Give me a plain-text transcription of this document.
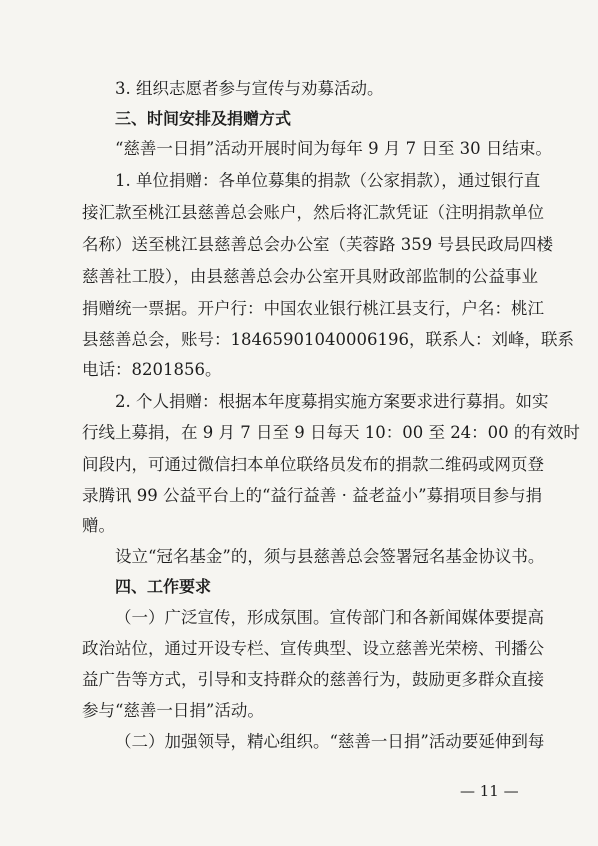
3. 组织志愿者参与宣传与劝募活动。
三、时间安排及捐赠方式
“慈善一日捐”活动开展时间为每年 9 月 7 日至 30 日结束。
1. 单位捐赠：各单位募集的捐款（公家捐款），通过银行直
接汇款至桃江县慈善总会账户，然后将汇款凭证（注明捐款单位
名称）送至桃江县慈善总会办公室（芙蓉路 359 号县民政局四楼
慈善社工股），由县慈善总会办公室开具财政部监制的公益事业
捐赠统一票据。开户行：中国农业银行桃江县支行，户名：桃江
县慈善总会，账号：18465901040006196，联系人：刘峰，联系
电话：8201856。
2. 个人捐赠：根据本年度募捐实施方案要求进行募捐。如实
行线上募捐，在 9 月 7 日至 9 日每天 10：00 至 24：00 的有效时
间段内，可通过微信扫本单位联络员发布的捐款二维码或网页登
录腾讯 99 公益平台上的“益行益善 · 益老益小”募捐项目参与捐
赠。
设立“冠名基金”的，须与县慈善总会签署冠名基金协议书。
四、工作要求
（一）广泛宣传，形成氛围。宣传部门和各新闻媒体要提高
政治站位，通过开设专栏、宣传典型、设立慈善光荣榜、刊播公
益广告等方式，引导和支持群众的慈善行为，鼓励更多群众直接
参与“慈善一日捐”活动。
（二）加强领导，精心组织。“慈善一日捐”活动要延伸到每
— 11 —
